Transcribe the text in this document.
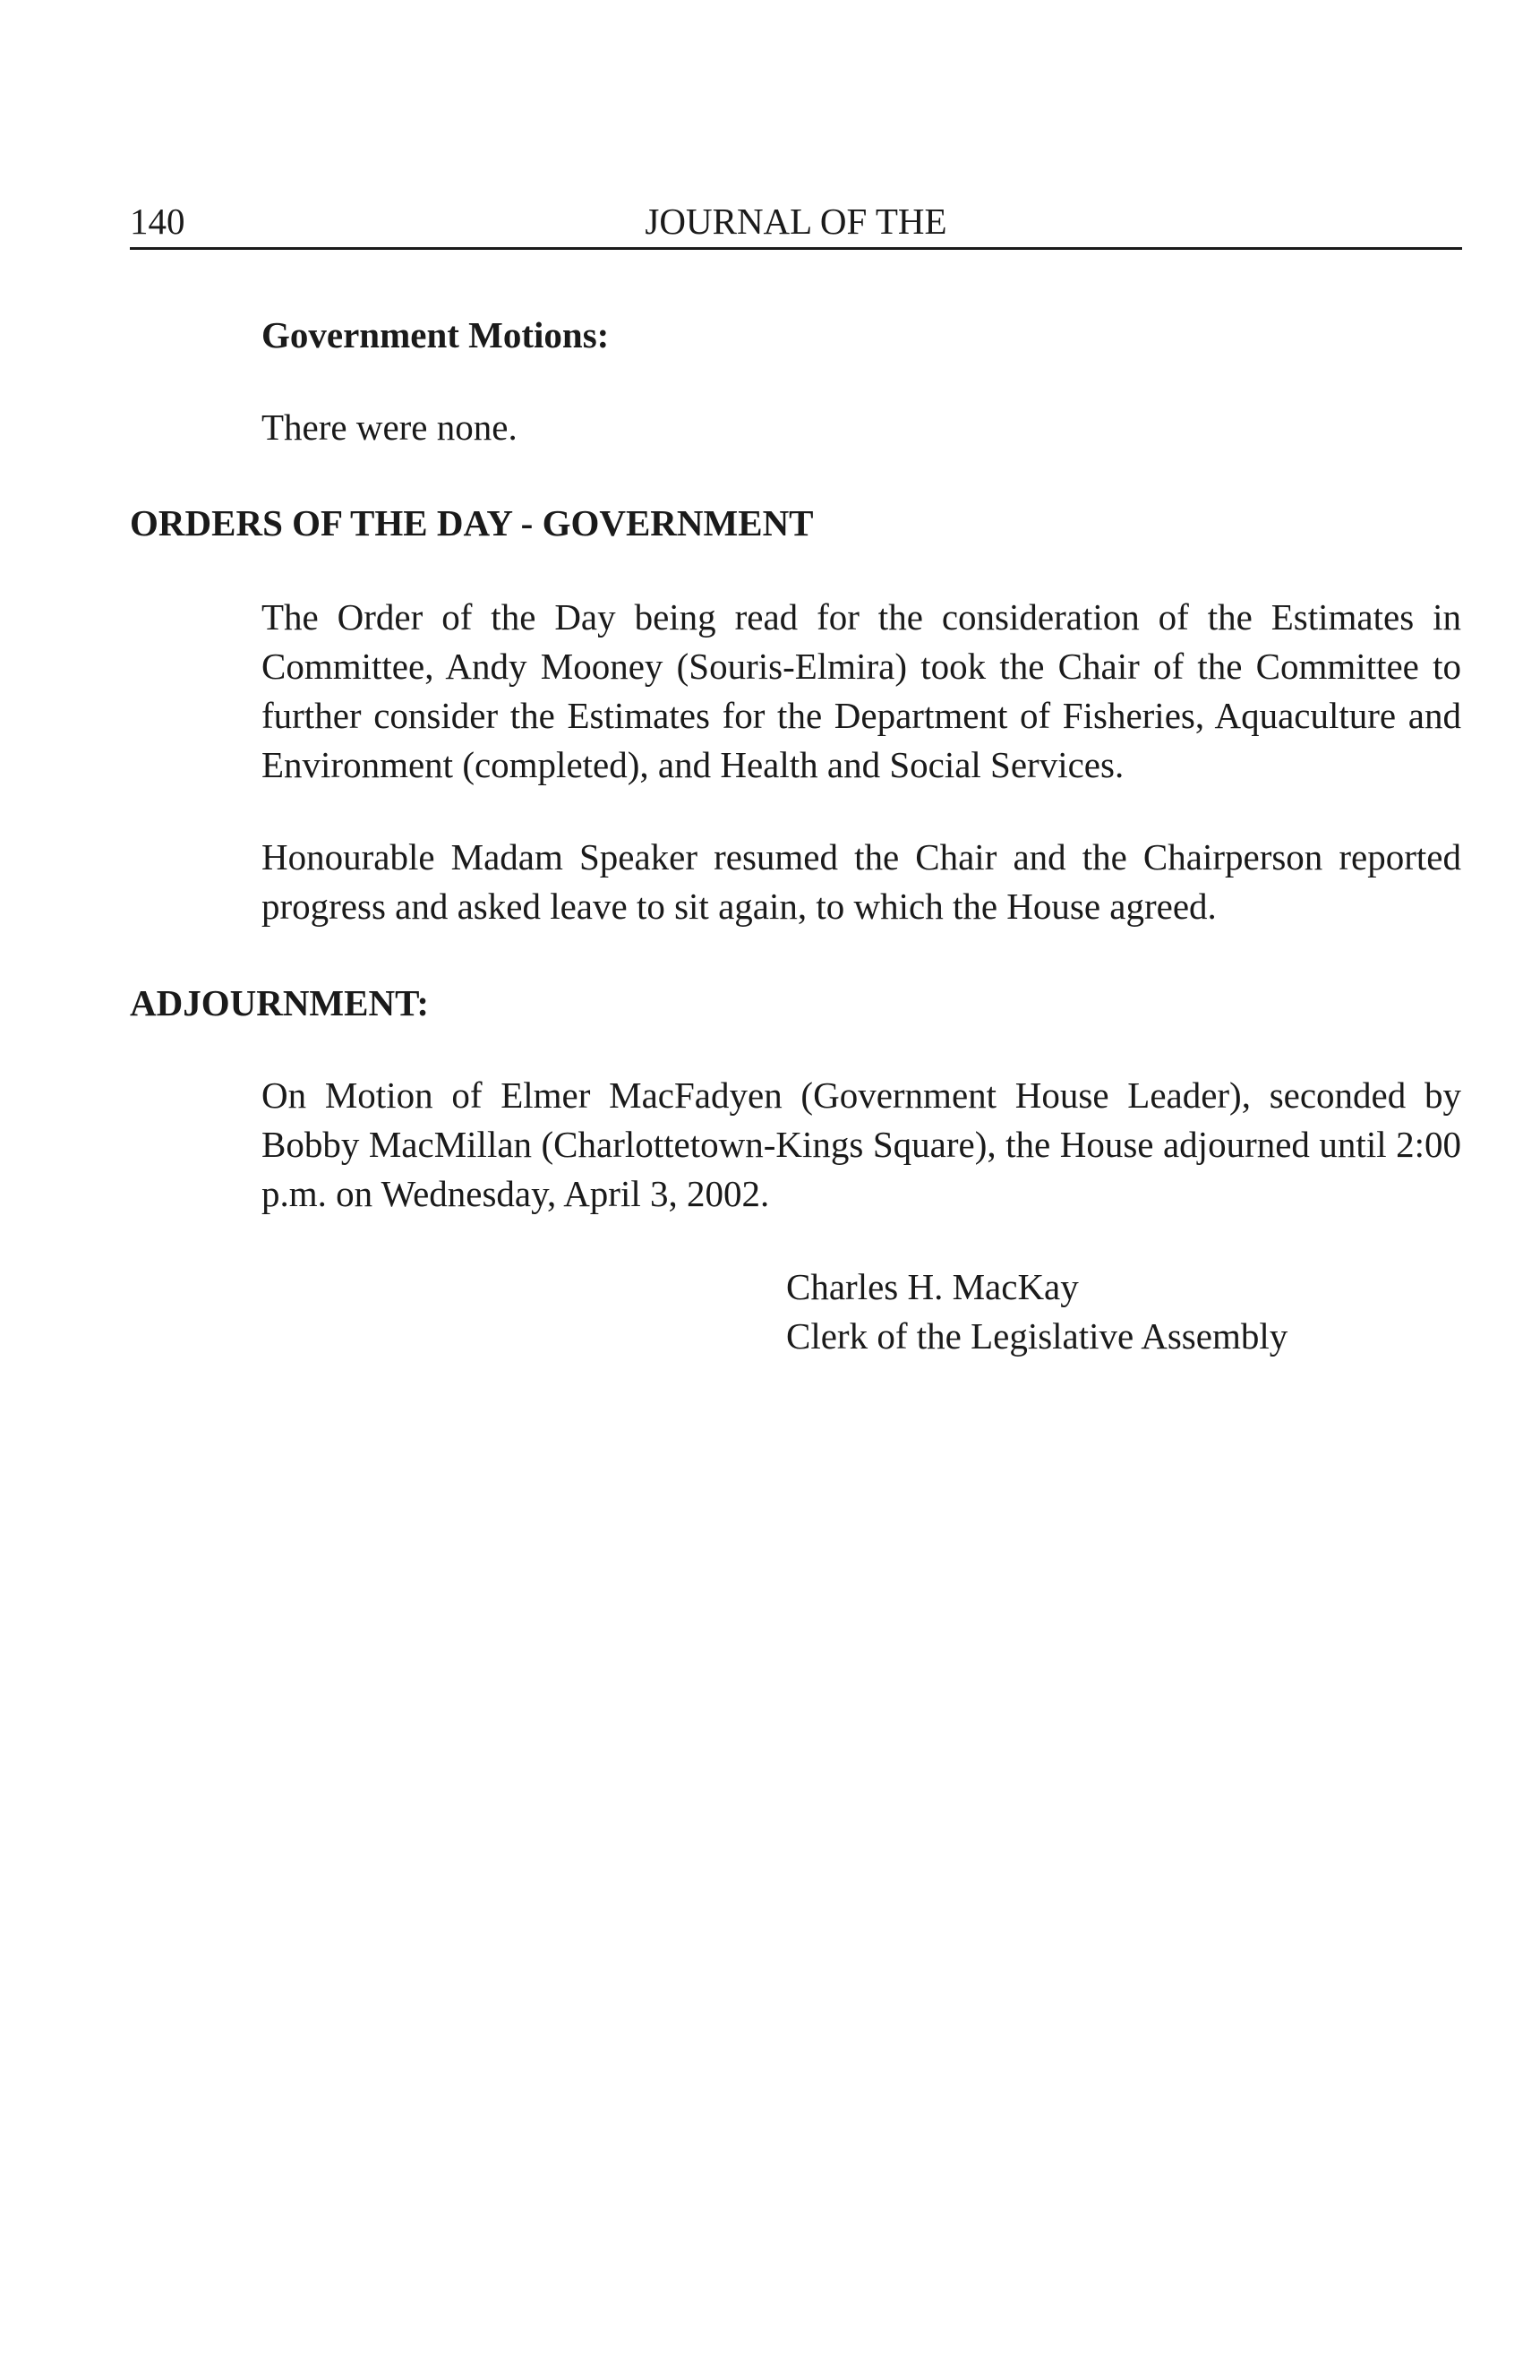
140	JOURNAL OF THE
Government Motions:
There were none.
ORDERS OF THE DAY - GOVERNMENT
The Order of the Day being read for the consideration of the Estimates in Committee, Andy Mooney (Souris-Elmira) took the Chair of the Committee to further consider the Estimates for the Department of Fisheries, Aquaculture and Environment (completed), and Health and Social Services.
Honourable Madam Speaker resumed the Chair and the Chairperson reported progress and asked leave to sit again, to which the House agreed.
ADJOURNMENT:
On Motion of Elmer MacFadyen (Government House Leader), seconded by Bobby MacMillan (Charlottetown-Kings Square), the House adjourned until 2:00 p.m. on Wednesday, April 3, 2002.
Charles H. MacKay
Clerk of the Legislative Assembly
